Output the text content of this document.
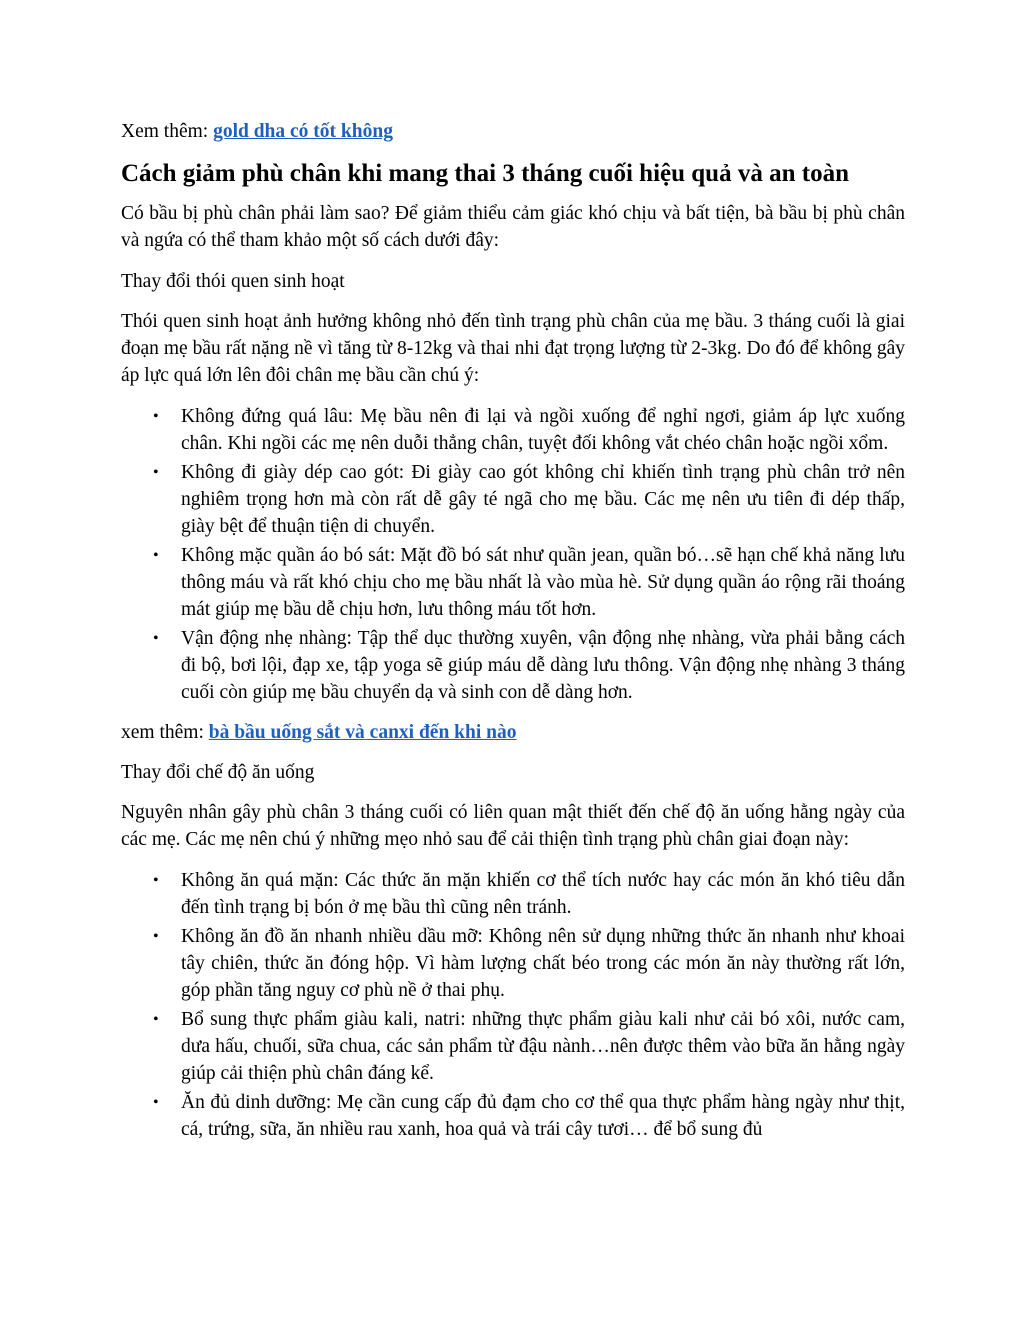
Xem thêm: gold dha có tốt không

Cách giảm phù chân khi mang thai 3 tháng cuối hiệu quả và an toàn

Có bầu bị phù chân phải làm sao? Để giảm thiểu cảm giác khó chịu và bất tiện, bà bầu bị phù chân và ngứa có thể tham khảo một số cách dưới đây:

Thay đổi thói quen sinh hoạt

Thói quen sinh hoạt ảnh hưởng không nhỏ đến tình trạng phù chân của mẹ bầu. 3 tháng cuối là giai đoạn mẹ bầu rất nặng nề vì tăng từ 8-12kg và thai nhi đạt trọng lượng từ 2-3kg. Do đó để không gây áp lực quá lớn lên đôi chân mẹ bầu cần chú ý:

• Không đứng quá lâu: Mẹ bầu nên đi lại và ngồi xuống để nghỉ ngơi, giảm áp lực xuống chân. Khi ngồi các mẹ nên duỗi thẳng chân, tuyệt đối không vắt chéo chân hoặc ngồi xổm.
• Không đi giày dép cao gót: Đi giày cao gót không chỉ khiến tình trạng phù chân trở nên nghiêm trọng hơn mà còn rất dễ gây té ngã cho mẹ bầu. Các mẹ nên ưu tiên đi dép thấp, giày bệt để thuận tiện di chuyển.
• Không mặc quần áo bó sát: Mặt đồ bó sát như quần jean, quần bó…sẽ hạn chế khả năng lưu thông máu và rất khó chịu cho mẹ bầu nhất là vào mùa hè. Sử dụng quần áo rộng rãi thoáng mát giúp mẹ bầu dễ chịu hơn, lưu thông máu tốt hơn.
• Vận động nhẹ nhàng: Tập thể dục thường xuyên, vận động nhẹ nhàng, vừa phải bằng cách đi bộ, bơi lội, đạp xe, tập yoga sẽ giúp máu dễ dàng lưu thông. Vận động nhẹ nhàng 3 tháng cuối còn giúp mẹ bầu chuyển dạ và sinh con dễ dàng hơn.

xem thêm: bà bầu uống sắt và canxi đến khi nào

Thay đổi chế độ ăn uống

Nguyên nhân gây phù chân 3 tháng cuối có liên quan mật thiết đến chế độ ăn uống hằng ngày của các mẹ. Các mẹ nên chú ý những mẹo nhỏ sau để cải thiện tình trạng phù chân giai đoạn này:

• Không ăn quá mặn: Các thức ăn mặn khiến cơ thể tích nước hay các món ăn khó tiêu dẫn đến tình trạng bị bón ở mẹ bầu thì cũng nên tránh.
• Không ăn đồ ăn nhanh nhiều dầu mỡ: Không nên sử dụng những thức ăn nhanh như khoai tây chiên, thức ăn đóng hộp. Vì hàm lượng chất béo trong các món ăn này thường rất lớn, góp phần tăng nguy cơ phù nề ở thai phụ.
• Bổ sung thực phẩm giàu kali, natri: những thực phẩm giàu kali như cải bó xôi, nước cam, dưa hấu, chuối, sữa chua, các sản phẩm từ đậu nành…nên được thêm vào bữa ăn hằng ngày giúp cải thiện phù chân đáng kể.
• Ăn đủ dinh dưỡng: Mẹ cần cung cấp đủ đạm cho cơ thể qua thực phẩm hàng ngày như thịt, cá, trứng, sữa, ăn nhiều rau xanh, hoa quả và trái cây tươi… để bổ sung đủ
